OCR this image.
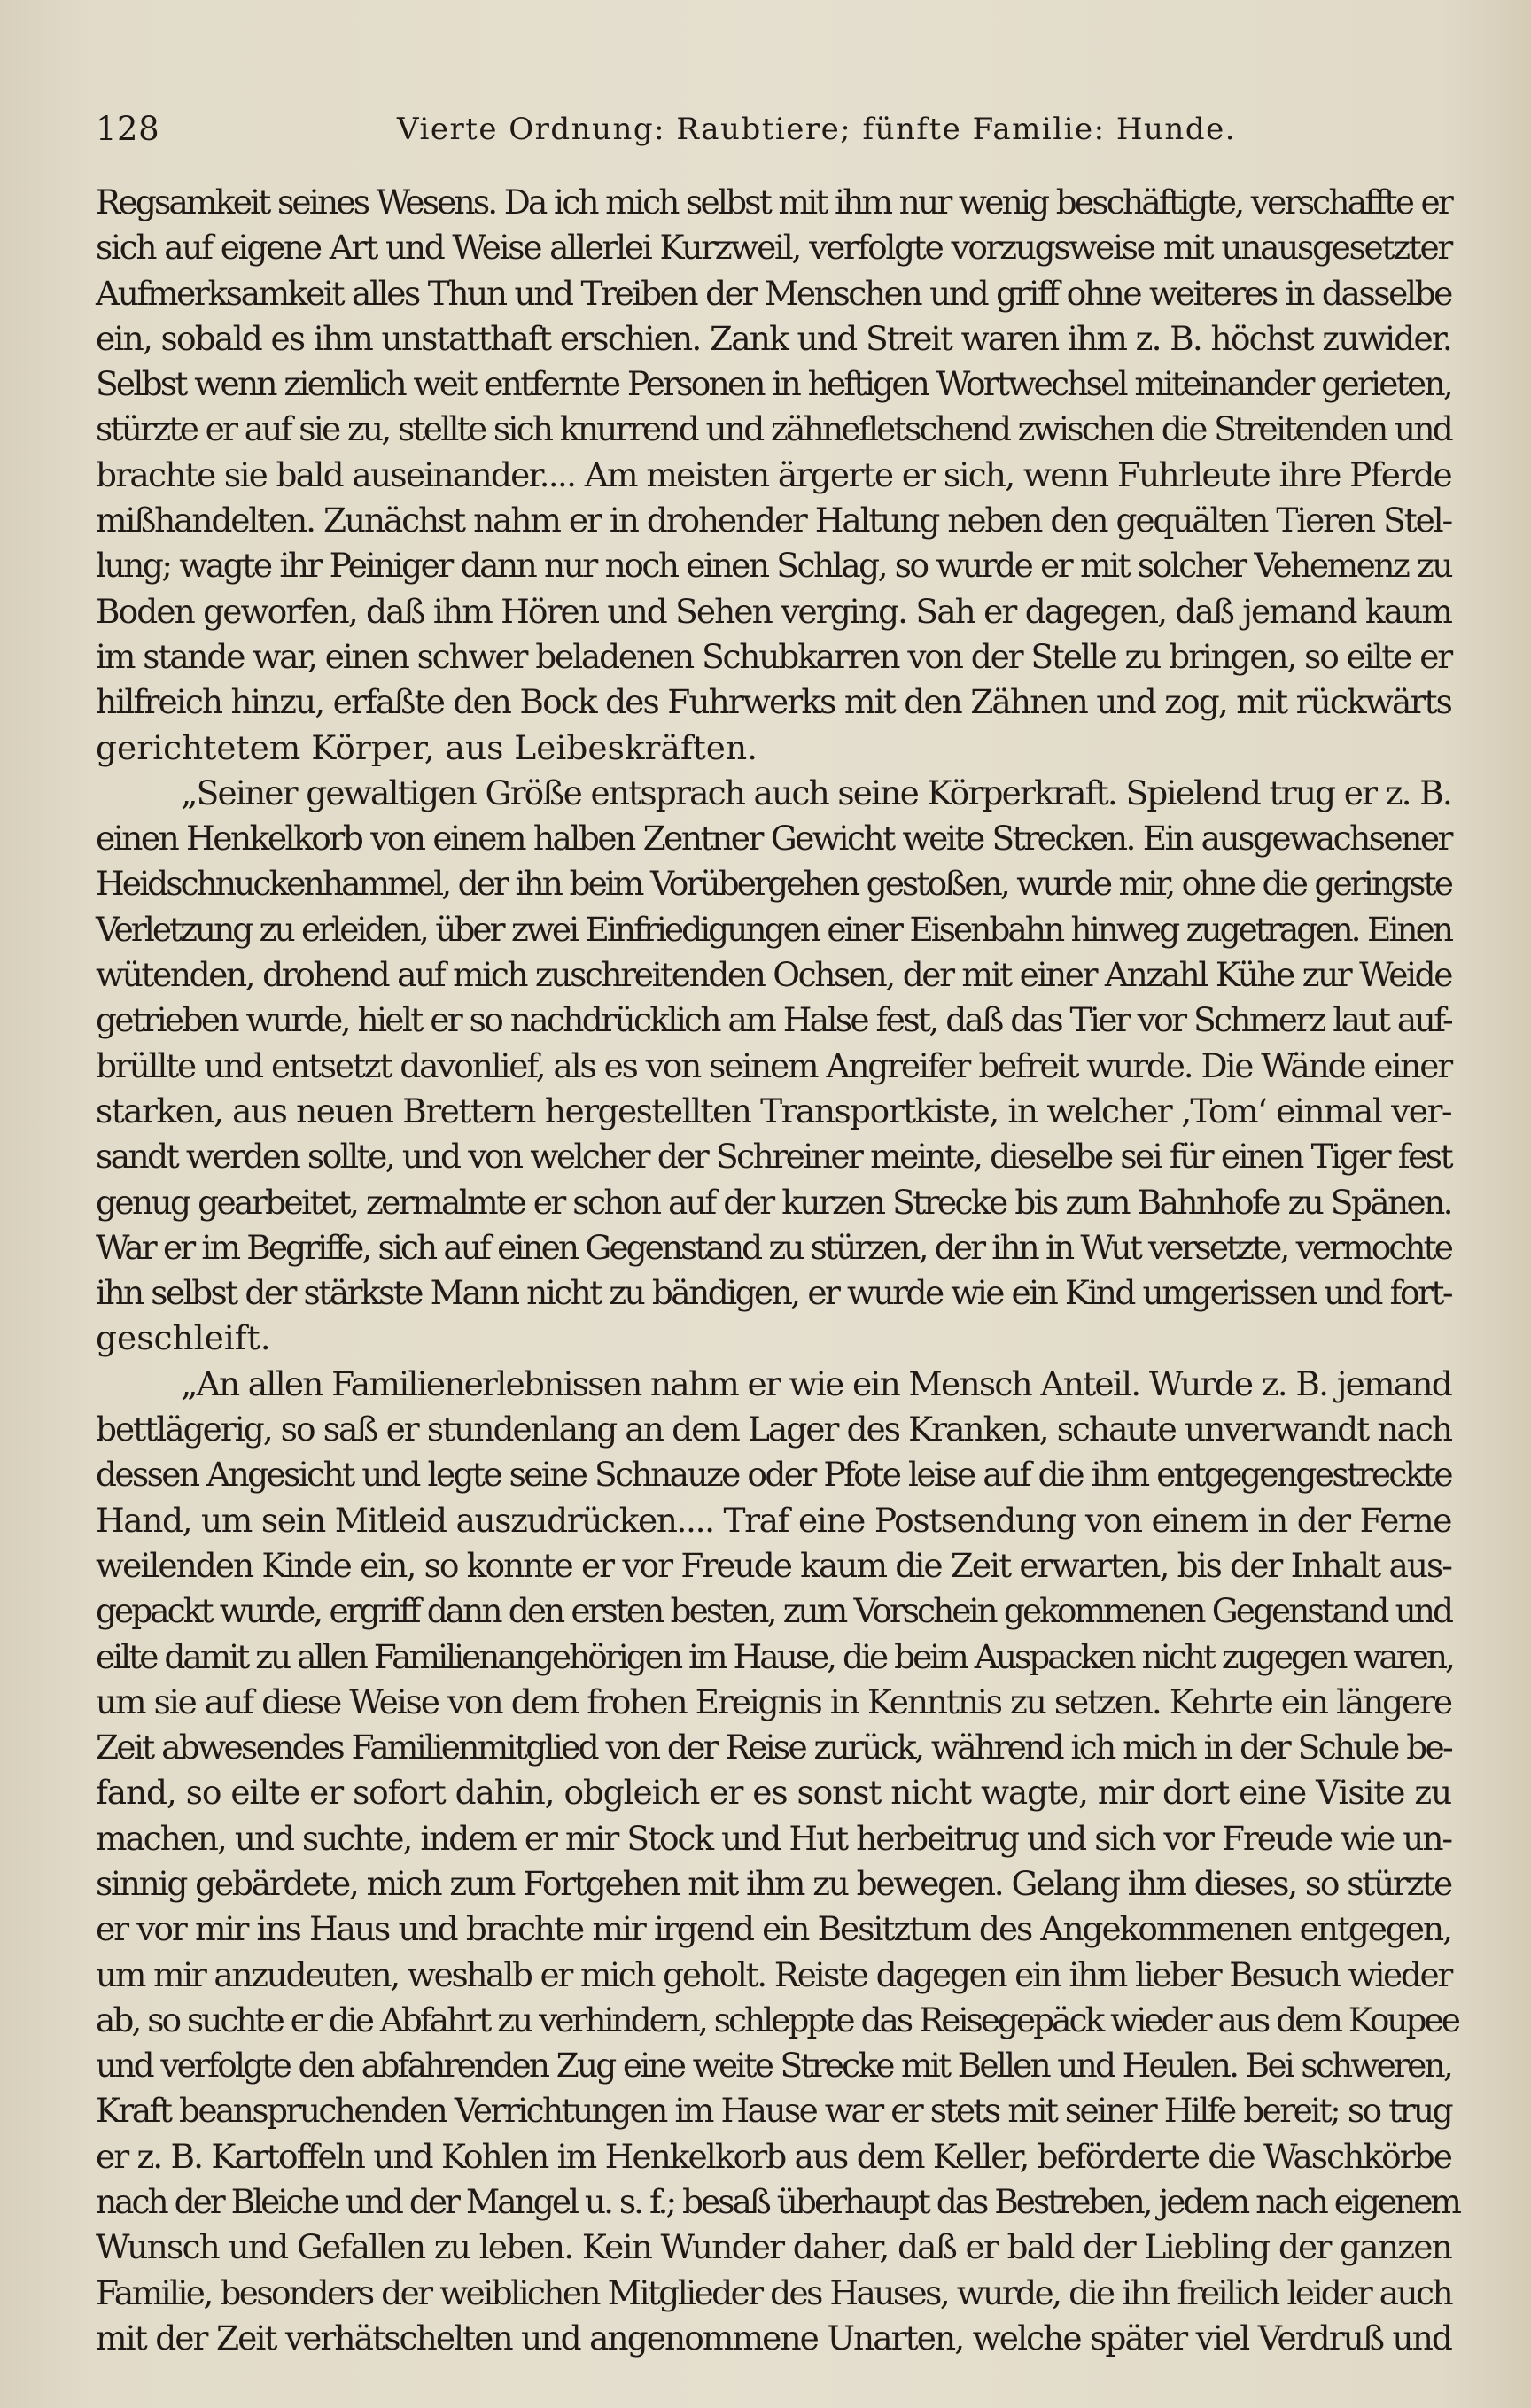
128	Vierte Ordnung: Raubtiere; fünfte Familie: Hunde.
Regsamkeit seines Wesens. Da ich mich selbst mit ihm nur wenig beschäftigte, verschaffte er
sich auf eigene Art und Weise allerlei Kurzweil, verfolgte vorzugsweise mit unausgesetzter
Aufmerksamkeit alles Thun und Treiben der Menschen und griff ohne weiteres in dasselbe
ein, sobald es ihm unstatthaft erschien. Zank und Streit waren ihm z. B. höchst zuwider.
Selbst wenn ziemlich weit entfernte Personen in heftigen Wortwechsel miteinander gerieten,
stürzte er auf sie zu, stellte sich knurrend und zähnefletschend zwischen die Streitenden und
brachte sie bald auseinander.... Am meisten ärgerte er sich, wenn Fuhrleute ihre Pferde
mißhandelten. Zunächst nahm er in drohender Haltung neben den gequälten Tieren Stel-
lung; wagte ihr Peiniger dann nur noch einen Schlag, so wurde er mit solcher Vehemenz zu
Boden geworfen, daß ihm Hören und Sehen verging. Sah er dagegen, daß jemand kaum
im stande war, einen schwer beladenen Schubkarren von der Stelle zu bringen, so eilte er
hilfreich hinzu, erfaßte den Bock des Fuhrwerks mit den Zähnen und zog, mit rückwärts
gerichtetem Körper, aus Leibeskräften.
„Seiner gewaltigen Größe entsprach auch seine Körperkraft. Spielend trug er z. B.
einen Henkelkorb von einem halben Zentner Gewicht weite Strecken. Ein ausgewachsener
Heidschnuckenhammel, der ihn beim Vorübergehen gestoßen, wurde mir, ohne die geringste
Verletzung zu erleiden, über zwei Einfriedigungen einer Eisenbahn hinweg zugetragen. Einen
wütenden, drohend auf mich zuschreitenden Ochsen, der mit einer Anzahl Kühe zur Weide
getrieben wurde, hielt er so nachdrücklich am Halse fest, daß das Tier vor Schmerz laut auf-
brüllte und entsetzt davonlief, als es von seinem Angreifer befreit wurde. Die Wände einer
starken, aus neuen Brettern hergestellten Transportkiste, in welcher ‚Tom‘ einmal ver-
sandt werden sollte, und von welcher der Schreiner meinte, dieselbe sei für einen Tiger fest
genug gearbeitet, zermalmte er schon auf der kurzen Strecke bis zum Bahnhofe zu Spänen.
War er im Begriffe, sich auf einen Gegenstand zu stürzen, der ihn in Wut versetzte, vermochte
ihn selbst der stärkste Mann nicht zu bändigen, er wurde wie ein Kind umgerissen und fort-
geschleift.
„An allen Familienerlebnissen nahm er wie ein Mensch Anteil. Wurde z. B. jemand
bettlägerig, so saß er stundenlang an dem Lager des Kranken, schaute unverwandt nach
dessen Angesicht und legte seine Schnauze oder Pfote leise auf die ihm entgegengestreckte
Hand, um sein Mitleid auszudrücken.... Traf eine Postsendung von einem in der Ferne
weilenden Kinde ein, so konnte er vor Freude kaum die Zeit erwarten, bis der Inhalt aus-
gepackt wurde, ergriff dann den ersten besten, zum Vorschein gekommenen Gegenstand und
eilte damit zu allen Familienangehörigen im Hause, die beim Auspacken nicht zugegen waren,
um sie auf diese Weise von dem frohen Ereignis in Kenntnis zu setzen. Kehrte ein längere
Zeit abwesendes Familienmitglied von der Reise zurück, während ich mich in der Schule be-
fand, so eilte er sofort dahin, obgleich er es sonst nicht wagte, mir dort eine Visite zu
machen, und suchte, indem er mir Stock und Hut herbeitrug und sich vor Freude wie un-
sinnig gebärdete, mich zum Fortgehen mit ihm zu bewegen. Gelang ihm dieses, so stürzte
er vor mir ins Haus und brachte mir irgend ein Besitztum des Angekommenen entgegen,
um mir anzudeuten, weshalb er mich geholt. Reiste dagegen ein ihm lieber Besuch wieder
ab, so suchte er die Abfahrt zu verhindern, schleppte das Reisegepäck wieder aus dem Koupee
und verfolgte den abfahrenden Zug eine weite Strecke mit Bellen und Heulen. Bei schweren,
Kraft beanspruchenden Verrichtungen im Hause war er stets mit seiner Hilfe bereit; so trug
er z. B. Kartoffeln und Kohlen im Henkelkorb aus dem Keller, beförderte die Waschkörbe
nach der Bleiche und der Mangel u. s. f.; besaß überhaupt das Bestreben, jedem nach eigenem
Wunsch und Gefallen zu leben. Kein Wunder daher, daß er bald der Liebling der ganzen
Familie, besonders der weiblichen Mitglieder des Hauses, wurde, die ihn freilich leider auch
mit der Zeit verhätschelten und angenommene Unarten, welche später viel Verdruß und
